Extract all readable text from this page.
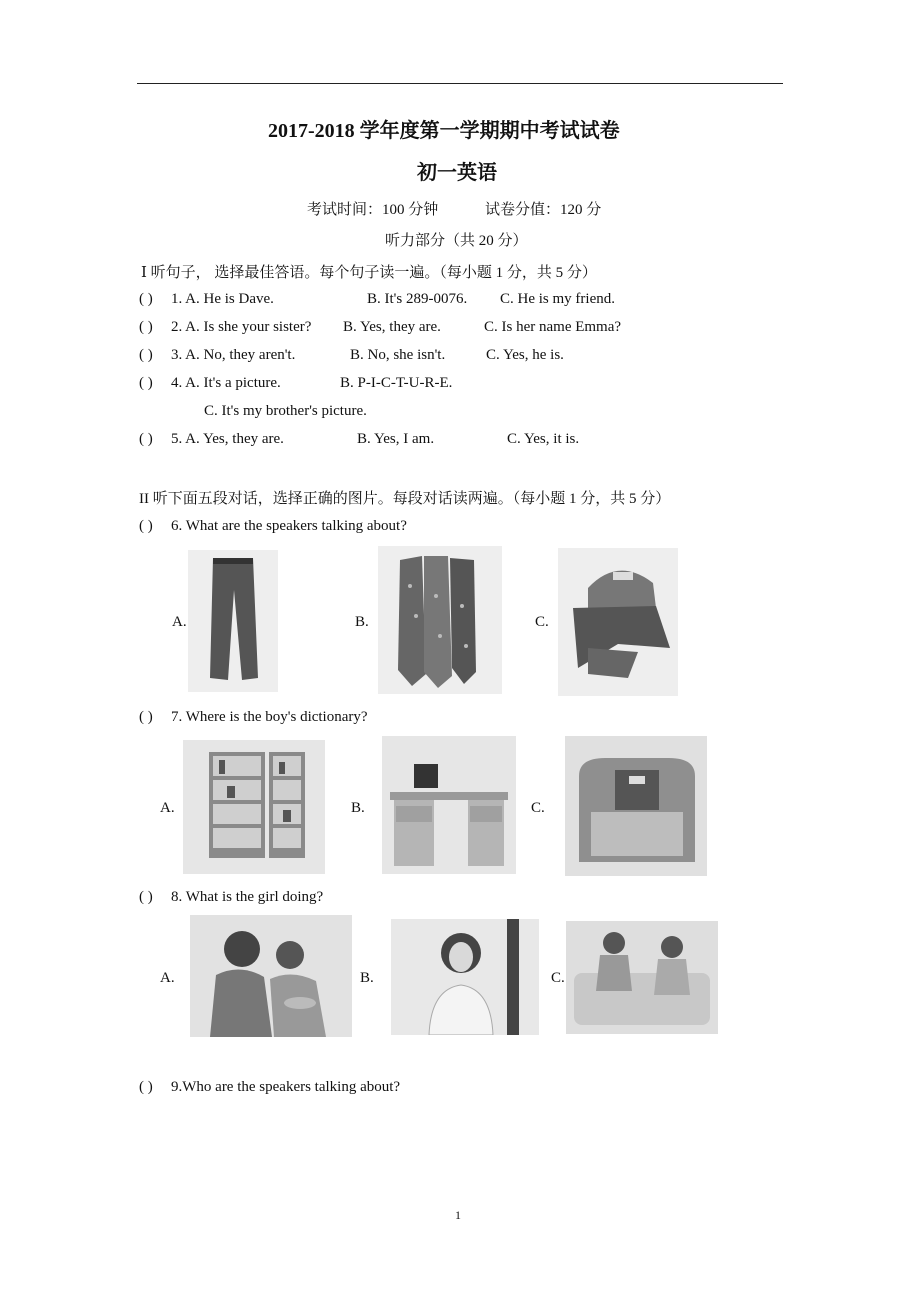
2017-2018 学年度第一学期期中考试试卷
初一英语
考试时间：100 分钟	试卷分值：120 分
听力部分（共 20 分）
Ⅰ 听句子， 选择最佳答语。每个句子读一遍。（每小题 1 分，共 5 分）
( ) 1. A. He is Dave.	B. It's 289-0076. C. He is my friend.
( ) 2. A. Is she your sister? B. Yes, they are.	C. Is her name Emma?
( ) 3. A. No, they aren't.	B. No, she isn't.	C. Yes, he is.
( ) 4. A. It's a picture.	B. P-I-C-T-U-R-E.
C. It's my brother's picture.
( ) 5. A. Yes, they are.	B. Yes, I am.	C. Yes, it is.
II 听下面五段对话，选择正确的图片。每段对话读两遍。（每小题 1 分，共 5 分）
( ) 6. What are the speakers talking about?
A.	B.	C.
( ) 7. Where is the boy's dictionary?
A.	B.	C.
( ) 8. What is the girl doing?
A.	B.	C.
( ) 9.Who are the speakers talking about?
1
